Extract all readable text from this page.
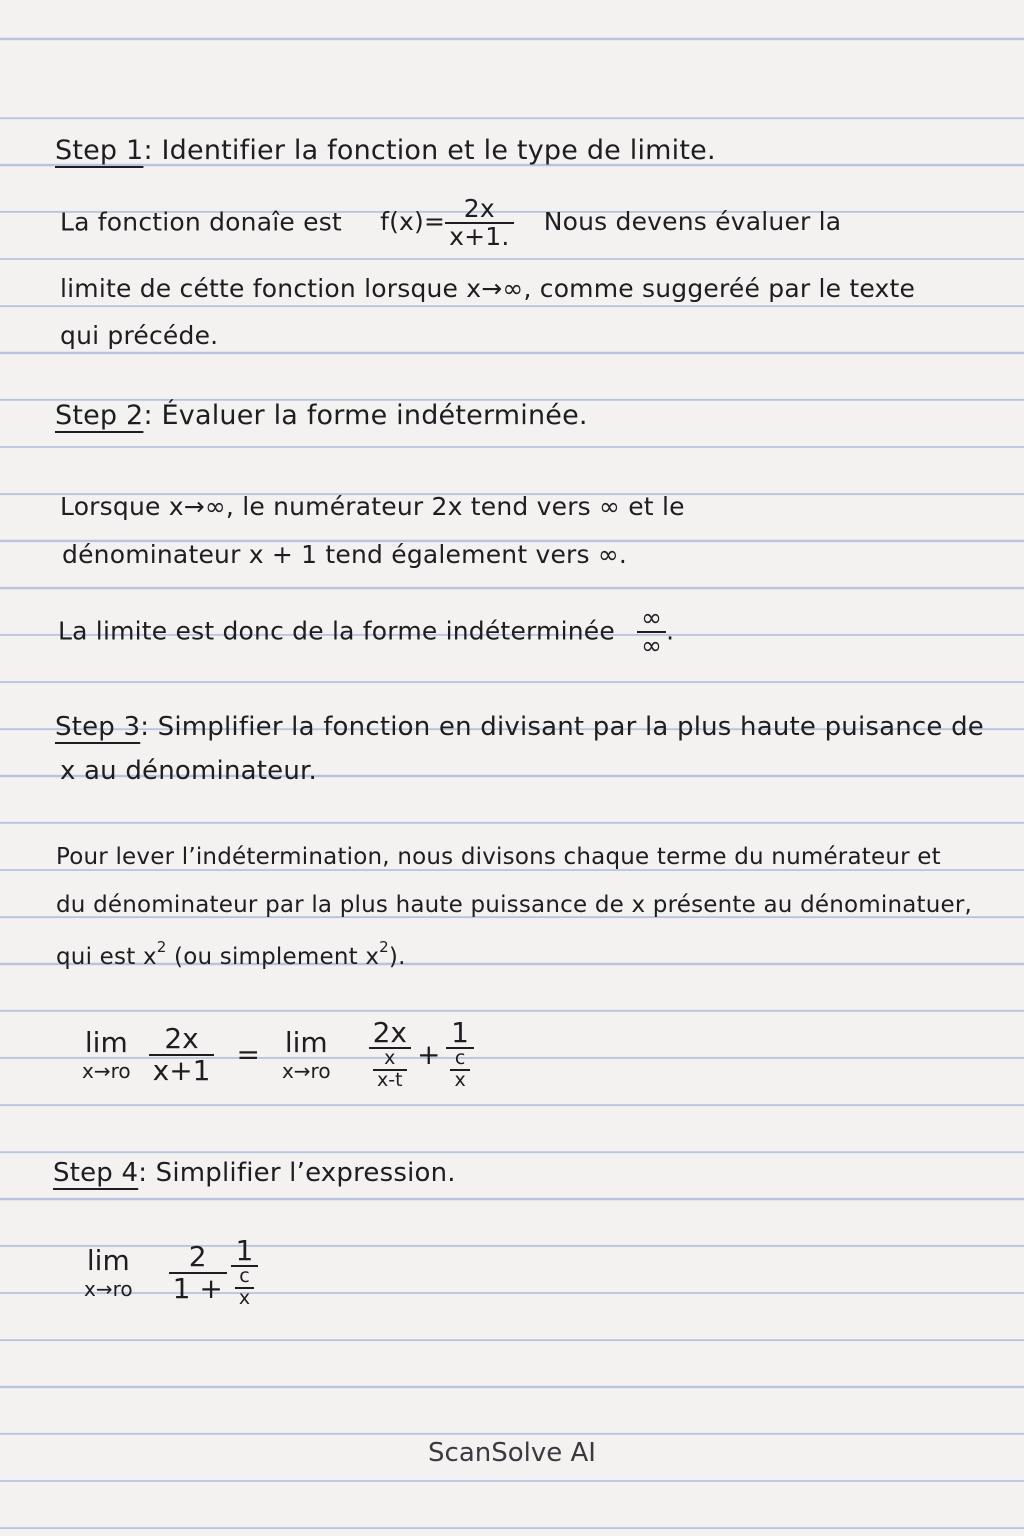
Step 1: Identifier la fonction et le type de limite.
La fonction donaîe est $f(x)= \frac{2x}{x+1.}$ Nous devens évaluer la
limite de cétte fonction lorsque x→∞, comme suggeréé par le texte
qui précéde.
Step 2: Évaluer la forme indéterminée.
Lorsque x→∞, le numérateur 2x tend vers ∞ et le
dénominateur x + 1 tend également vers ∞.
La limite est donc de la forme indéterminée $\frac{\infty}{\infty}$ .
Step 3: Simplifier la fonction en divisant par la plus haute puisance de
x au dénominateur.
Pour lever l’indétermination, nous divisons chaque terme du numérateur et
du dénominateur par la plus haute puissance de x présente au dénominatuer,
qui est $x^2$ (ou simplement $x^2$).
lim
$x\to ro \frac{2x}{x+1} = \lim$
$x\to ro \frac{2x}{\frac{x}{x-t}} + \frac{1}{\frac{c}{x}}$
Step 4: Simplifier l’expression.
lim
$x\to ro \frac{2}{1 +} \frac{1}{\frac{c}{x}}$
ScanSolve AI
